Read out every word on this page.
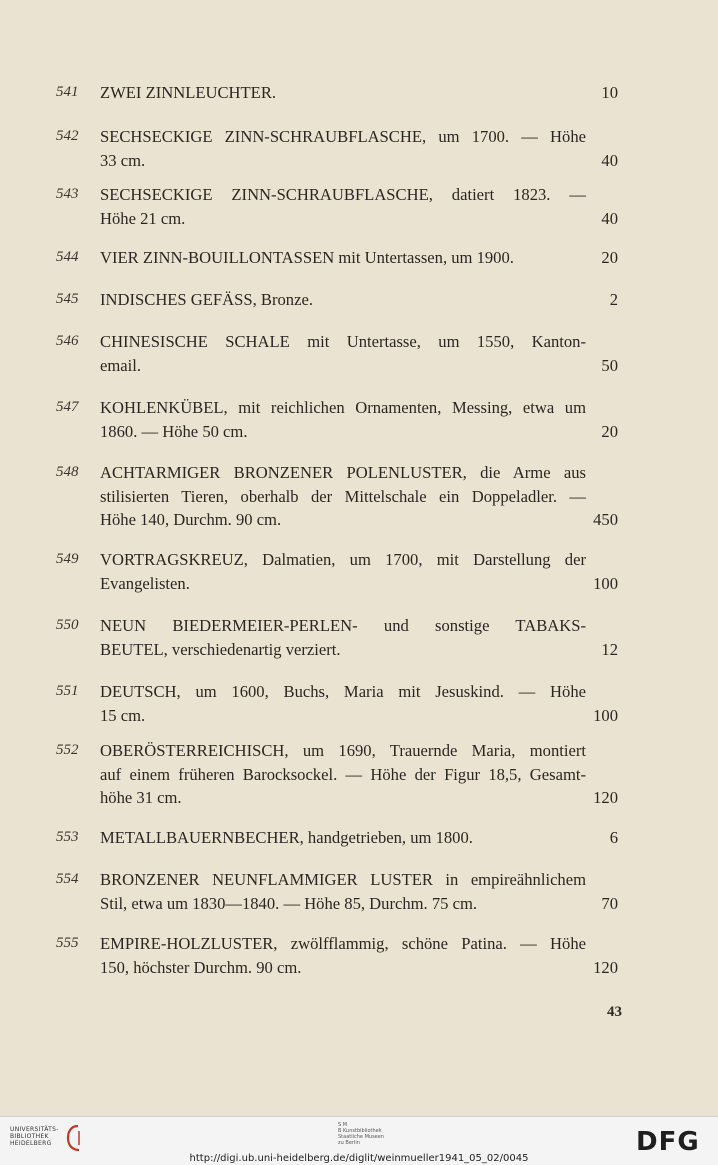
541	ZWEI ZINNLEUCHTER.	10
542	SECHSECKIGE ZINN-SCHRAUBFLASCHE, um 1700. — Höhe
33 cm.	40
543	SECHSECKIGE ZINN-SCHRAUBFLASCHE, datiert 1823. —
Höhe 21 cm.	40
544	VIER ZINN-BOUILLONTASSEN mit Untertassen, um 1900.	20
545	INDISCHES GEFÄSS, Bronze.	2
546	CHINESISCHE SCHALE mit Untertasse, um 1550, Kanton-
email.	50
547	KOHLENKÜBEL, mit reichlichen Ornamenten, Messing, etwa um
1860. — Höhe 50 cm.	20
548	ACHTARMIGER BRONZENER POLENLUSTER, die Arme aus
stilisierten Tieren, oberhalb der Mittelschale ein Doppeladler. —
Höhe 140, Durchm. 90 cm.	450
549	VORTRAGSKREUZ, Dalmatien, um 1700, mit Darstellung der
Evangelisten.	100
550	NEUN BIEDERMEIER-PERLEN- und sonstige TABAKS-
BEUTEL, verschiedenartig verziert.	12
551	DEUTSCH, um 1600, Buchs, Maria mit Jesuskind. — Höhe
15 cm.	100
552	OBERÖSTERREICHISCH, um 1690, Trauernde Maria, montiert
auf einem früheren Barocksockel. — Höhe der Figur 18,5, Gesamt-
höhe 31 cm.	120
553	METALLBAUERNBECHER, handgetrieben, um 1800.	6
554	BRONZENER NEUNFLAMMIGER LUSTER in empireähnlichem
Stil, etwa um 1830—1840. — Höhe 85, Durchm. 75 cm.	70
555	EMPIRE-HOLZLUSTER, zwölfflammig, schöne Patina. — Höhe
150, höchster Durchm. 90 cm.	120
43
UNIVERSITÄTS-
BIBLIOTHEK
HEIDELBERG
S M
B Kunstbibliothek
Staatliche Museen
zu Berlin	DFG
http://digi.ub.uni-heidelberg.de/diglit/weinmueller1941_05_02/0045
